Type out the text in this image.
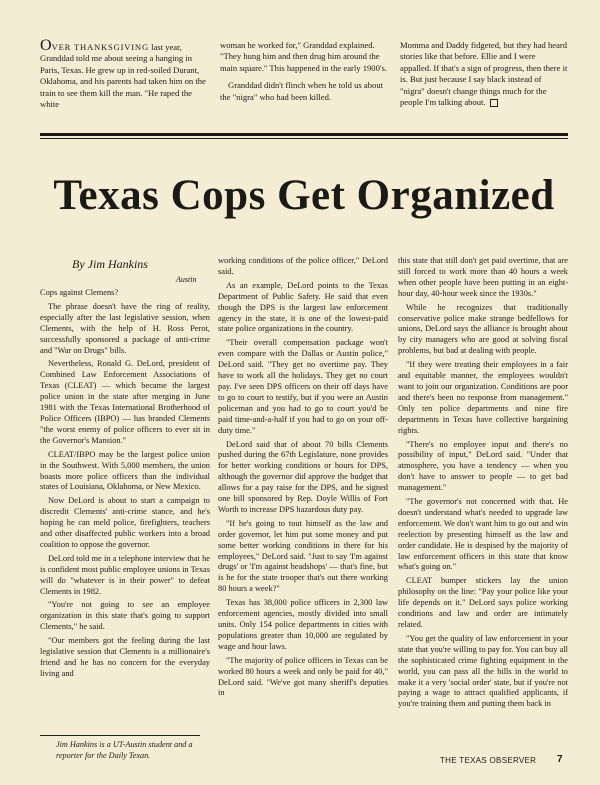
OVER THANKSGIVING last year, Granddad told me about seeing a hanging in Paris, Texas. He grew up in red-soiled Durant, Oklahoma, and his parents had taken him on the train to see them kill the man. "He raped the white

woman he worked for," Granddad explained. "They hung him and then drug him around the main square." This happened in the early 1900's.

Granddad didn't flinch when he told us about the "nigra" who had been killed.

Momma and Daddy fidgeted, but they had heard stories like that before. Ellie and I were appalled. If that's a sign of progress, then there it is. But just because I say black instead of "nigra" doesn't change things much for the people I'm talking about.

Texas Cops Get Organized
By Jim Hankins
Austin

Cops against Clemens?

The phrase doesn't have the ring of reality, especially after the last legislative session, when Clements, with the help of H. Ross Perot, successfully sponsored a package of anti-crime and "War on Drugs" bills.

Nevertheless, Ronald G. DeLord, president of Combined Law Enforcement Associations of Texas (CLEAT) — which became the largest police union in the state after merging in June 1981 with the Texas International Brotherhood of Police Officers (IBPO) — has branded Clements "the worst enemy of police officers to ever sit in the Governor's Mansion."

CLEAT/IBPO may be the largest police union in the Southwest. With 5,000 members, the union boasts more police officers than the individual states of Louisiana, Oklahoma, or New Mexico.

Now DeLord is about to start a campaign to discredit Clements' anti-crime stance, and he's hoping he can meld police, firefighters, teachers and other disaffected public workers into a broad coalition to oppose the governor.

DeLord told me in a telephone interview that he is confident most public employee unions in Texas will do "whatever is in their power" to defeat Clements in 1982.

"You're not going to see an employee organization in this state that's going to support Clements," he said.

"Our members got the feeling during the last legislative session that Clements is a millionaire's friend and he has no concern for the everyday living and

working conditions of the police officer," DeLord said.

As an example, DeLord points to the Texas Department of Public Safety. He said that even though the DPS is the largest law enforcement agency in the state, it is one of the lowest-paid state police organizations in the country.

"Their overall compensation package won't even compare with the Dallas or Austin police," DeLord said. "They get no overtime pay. They have to work all the holidays. They get no court pay. I've seen DPS officers on their off days have to go to court to testify, but if you were an Austin policeman and you had to go to court you'd be paid time-and-a-half if you had to go on your off-duty time."

DeLord said that of about 70 bills Clements pushed during the 67th Legislature, none provides for better working conditions or hours for DPS, although the governor did approve the budget that allows for a pay raise for the DPS, and he signed one bill sponsored by Rep. Doyle Willis of Fort Worth to increase DPS hazardous duty pay.

"If he's going to tout himself as the law and order governor, let him put some money and put some better working conditions in there for his employees," DeLord said. "Just to say 'I'm against drugs' or 'I'm against headshops' — that's fine, but is he for the state trooper that's out there working 80 hours a week?"

Texas has 38,000 police officers in 2,300 law enforcement agencies, mostly divided into small units. Only 154 police departments in cities with populations greater than 10,000 are regulated by wage and hour laws.

"The majority of police officers in Texas can be worked 80 hours a week and only be paid for 40," DeLord said. "We've got many sheriff's deputies in

this state that still don't get paid overtime, that are still forced to work more than 40 hours a week when other people have been putting in an eight-hour day, 40-hour week since the 1930s."

While he recognizes that traditionally conservative police make strange bedfellows for unions, DeLord says the alliance is brought about by city managers who are good at solving fiscal problems, but bad at dealing with people.

"If they were treating their employees in a fair and equitable manner, the employees wouldn't want to join our organization. Conditions are poor and there's been no response from management." Only ten police departments and nine fire departments in Texas have collective bargaining rights.

"There's no employee input and there's no possibility of input," DeLord said. "Under that atmosphere, you have a tendency — when you don't have to answer to people — to get bad management."

"The governor's not concerned with that. He doesn't understand what's needed to upgrade law enforcement. We don't want him to go out and win reelection by presenting himself as the law and order candidate. He is despised by the majority of law enforcement officers in this state that know what's going on."

CLEAT bumper stickers lay the union philosophy on the line: "Pay your police like your life depends on it." DeLord says police working conditions and law and order are intimately related.

"You get the quality of law enforcement in your state that you're willing to pay for. You can buy all the sophisticated crime fighting equipment in the world, you can pass all the bills in the world to make it a very 'social order' state, but if you're not paying a wage to attract qualified applicants, if you're training them and putting them back in

Jim Hankins is a UT-Austin student and a reporter for the Daily Texan.
THE TEXAS OBSERVER 7
